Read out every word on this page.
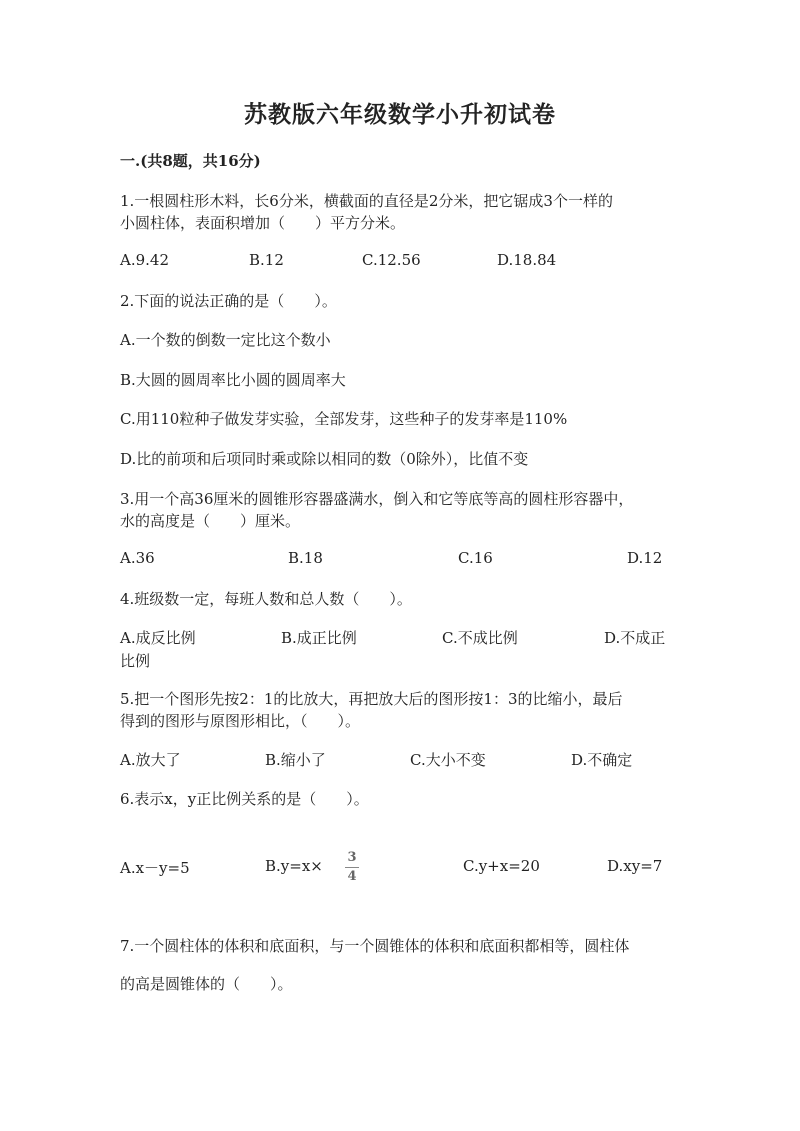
苏教版六年级数学小升初试卷
一.(共8题，共16分)
1.一根圆柱形木料，长6分米，横截面的直径是2分米，把它锯成3个一样的
小圆柱体，表面积增加（　　）平方分米。
A.9.42	B.12	C.12.56	D.18.84
2.下面的说法正确的是（　　）。
A.一个数的倒数一定比这个数小
B.大圆的圆周率比小圆的圆周率大
C.用110粒种子做发芽实验，全部发芽，这些种子的发芽率是110%
D.比的前项和后项同时乘或除以相同的数（0除外），比值不变
3.用一个高36厘米的圆锥形容器盛满水，倒入和它等底等高的圆柱形容器中，
水的高度是（　　）厘米。
A.36	B.18	C.16	D.12
4.班级数一定，每班人数和总人数（　　）。
A.成反比例	B.成正比例	C.不成比例	D.不成正
比例
5.把一个图形先按2：1的比放大，再把放大后的图形按1：3的比缩小，最后
得到的图形与原图形相比，（　　）。
A.放大了	B.缩小了	C.大小不变	D.不确定
6.表示x，y正比例关系的是（　　）。
A.x－y=5	B.y=x× 3
4
C.y+x=20	D.xy=7
7.一个圆柱体的体积和底面积，与一个圆锥体的体积和底面积都相等，圆柱体
的高是圆锥体的（　　）。
